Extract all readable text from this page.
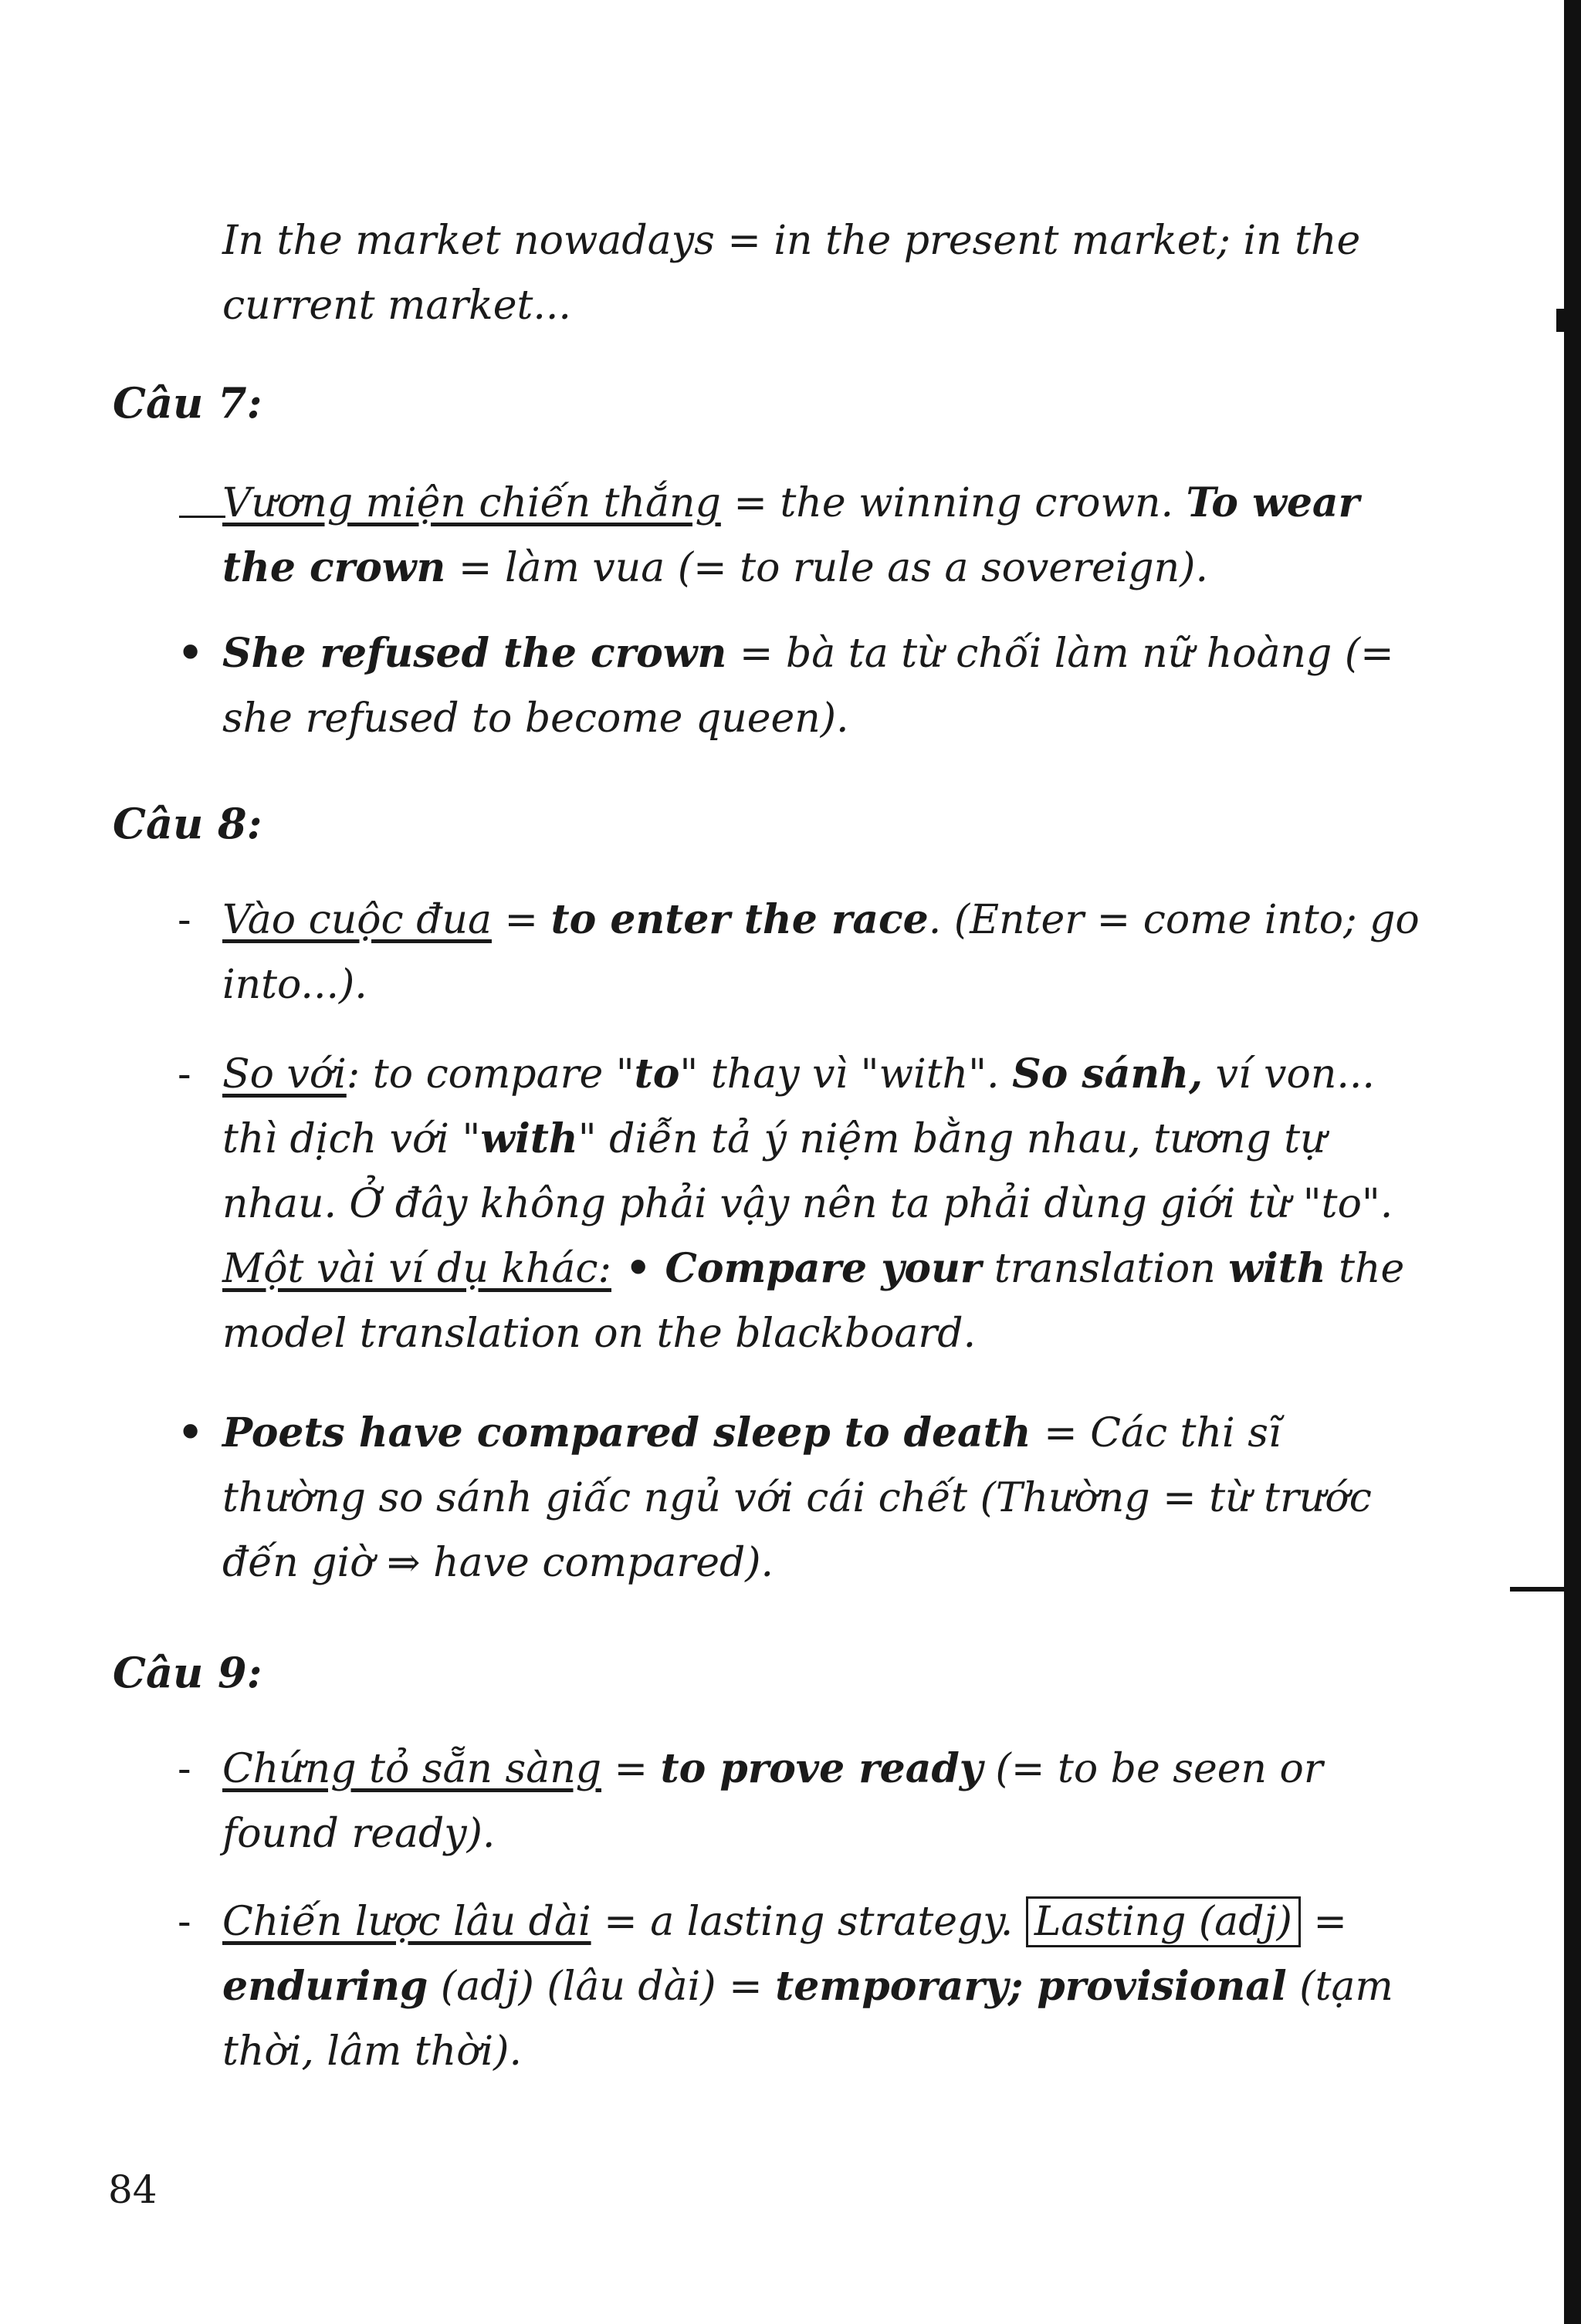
In the market nowadays = in the present market; in the current market...
Câu 7:
Vương miện chiến thắng = the winning crown. To wear the crown = làm vua (= to rule as a sovereign).
• She refused the crown = bà ta từ chối làm nữ hoàng (= she refused to become queen).
Câu 8:
- Vào cuộc đua = to enter the race. (Enter = come into; go into...).
- So với: to compare "to" thay vì "with". So sánh, ví von... thì dịch với "with" diễn tả ý niệm bằng nhau, tương tự nhau. Ở đây không phải vậy nên ta phải dùng giới từ "to". Một vài ví dụ khác: • Compare your translation with the model translation on the blackboard.
• Poets have compared sleep to death = Các thi sĩ thường so sánh giấc ngủ với cái chết (Thường = từ trước đến giờ ⇒ have compared).
Câu 9:
- Chứng tỏ sẵn sàng = to prove ready (= to be seen or found ready).
- Chiến lược lâu dài = a lasting strategy. Lasting (adj) = enduring (adj) (lâu dài) = temporary; provisional (tạm thời, lâm thời).
84
